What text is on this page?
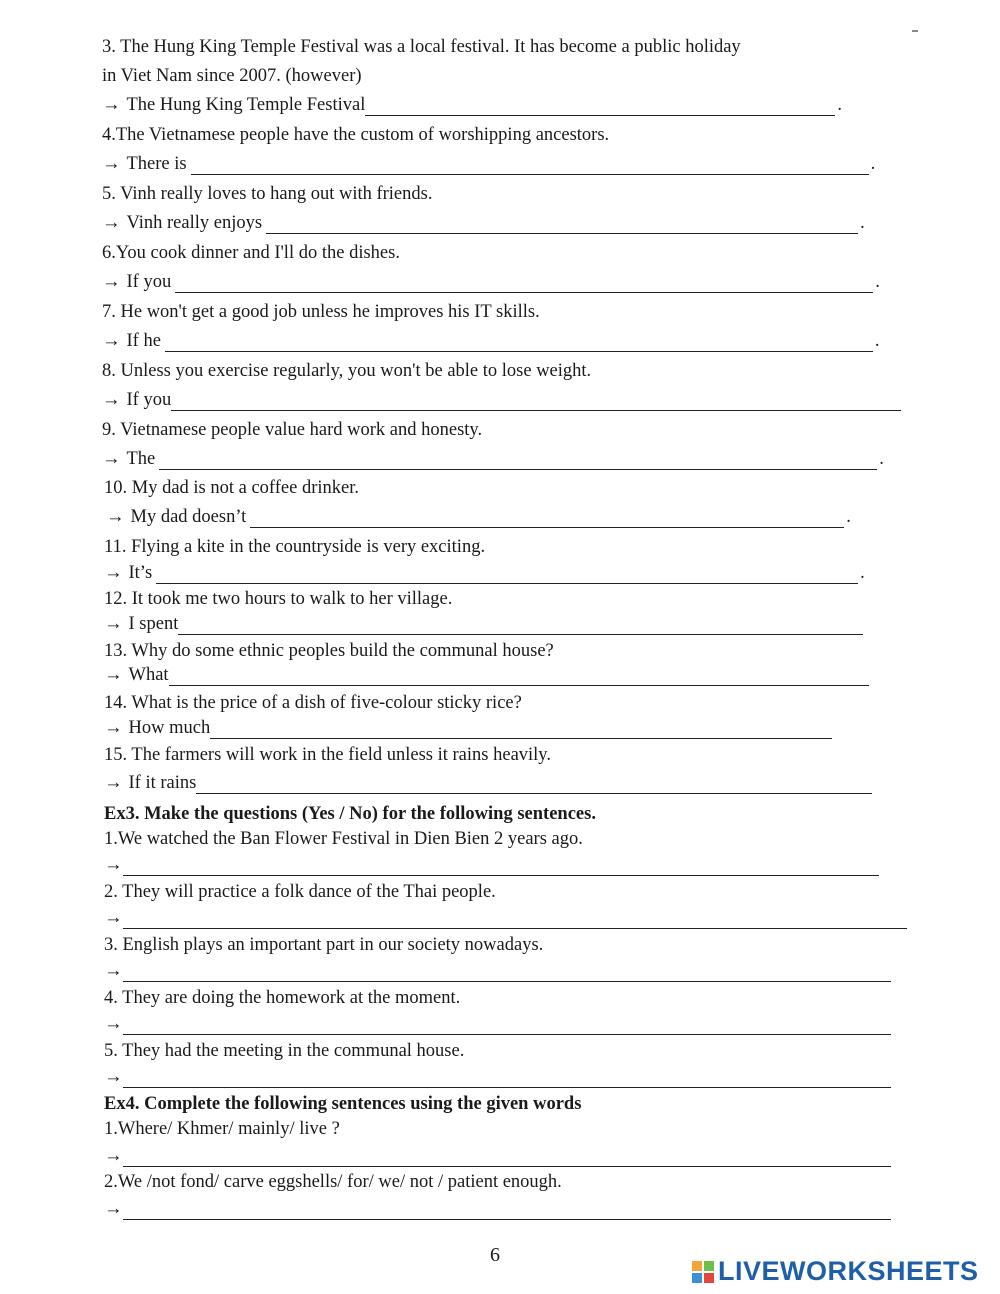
3. The Hung King Temple Festival was a local festival. It has become a public holiday
in Viet Nam since 2007. (however)
→ The Hung King Temple Festival	.
4.The Vietnamese people have the custom of worshipping ancestors.
→ There is	.
5. Vinh really loves to hang out with friends.
→ Vinh really enjoys	.
6.You cook dinner and I'll do the dishes.
→ If you	.
7. He won't get a good job unless he improves his IT skills.
→ If he	.
8. Unless you exercise regularly, you won't be able to lose weight.
→ If you
9. Vietnamese people value hard work and honesty.
→ The	.
10. My dad is not a coffee drinker.
→ My dad doesn’t	.
11. Flying a kite in the countryside is very exciting.
→ It’s	.
12. It took me two hours to walk to her village.
→ I spent
13. Why do some ethnic peoples build the communal house?
→ What
14. What is the price of a dish of five-colour sticky rice?
→ How much
15. The farmers will work in the field unless it rains heavily.
→ If it rains
Ex3. Make the questions (Yes / No) for the following sentences.
1.We watched the Ban Flower Festival in Dien Bien 2 years ago.
→
2. They will practice a folk dance of the Thai people.
→
3. English plays an important part in our society nowadays.
→
4. They are doing the homework at the moment.
→
5. They had the meeting in the communal house.
→
Ex4. Complete the following sentences using the given words
1.Where/ Khmer/ mainly/ live ?
→
2.We /not fond/ carve eggshells/ for/ we/ not / patient enough.
→
6
LIVEWORKSHEETS
